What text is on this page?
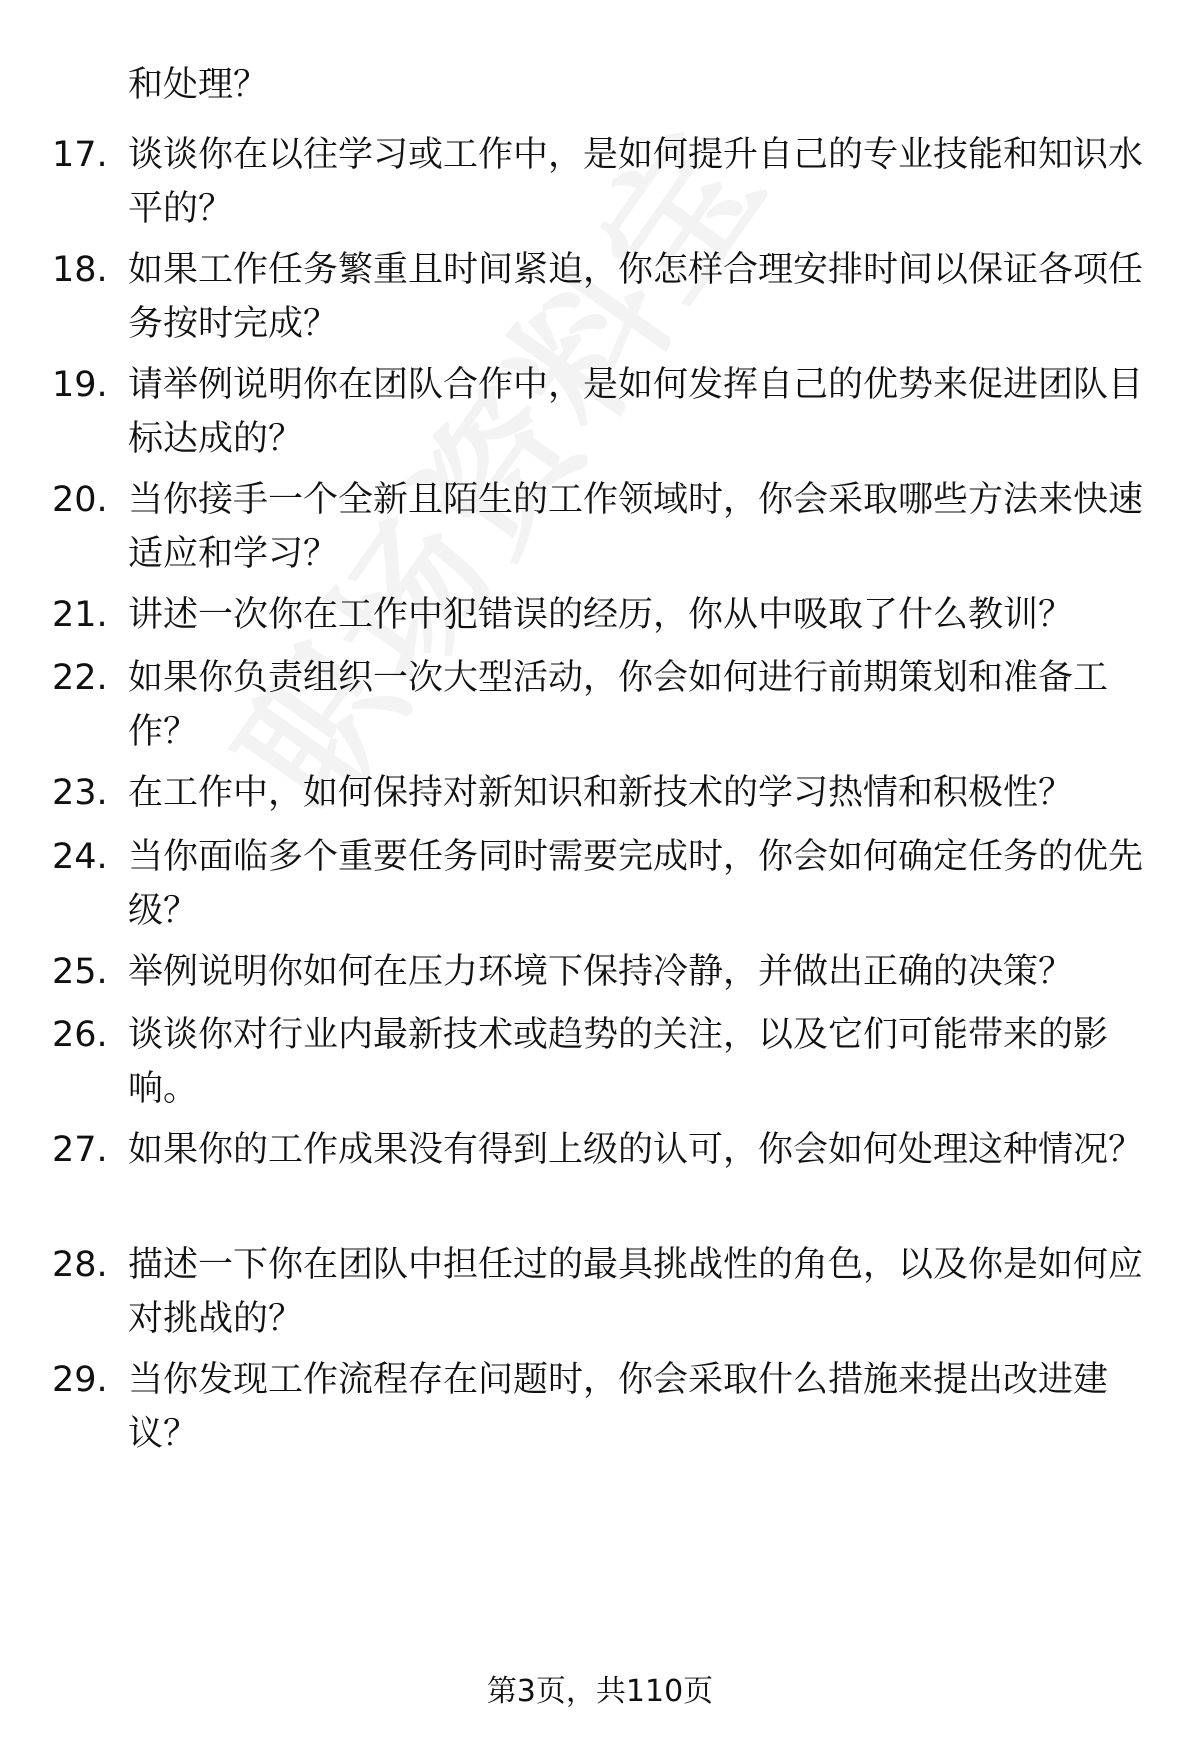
和处理？
17. 谈谈你在以往学习或工作中，是如何提升自己的专业技能和知识水平的？
18. 如果工作任务繁重且时间紧迫，你怎样合理安排时间以保证各项任务按时完成？
19. 请举例说明你在团队合作中，是如何发挥自己的优势来促进团队目标达成的？
20. 当你接手一个全新且陌生的工作领域时，你会采取哪些方法来快速适应和学习？
21. 讲述一次你在工作中犯错误的经历，你从中吸取了什么教训？
22. 如果你负责组织一次大型活动，你会如何进行前期策划和准备工作？
23. 在工作中，如何保持对新知识和新技术的学习热情和积极性？
24. 当你面临多个重要任务同时需要完成时，你会如何确定任务的优先级？
25. 举例说明你如何在压力环境下保持冷静，并做出正确的决策？
26. 谈谈你对行业内最新技术或趋势的关注，以及它们可能带来的影响。
27. 如果你的工作成果没有得到上级的认可，你会如何处理这种情况？
28. 描述一下你在团队中担任过的最具挑战性的角色，以及你是如何应对挑战的？
29. 当你发现工作流程存在问题时，你会采取什么措施来提出改进建议？
第3页，共110页
